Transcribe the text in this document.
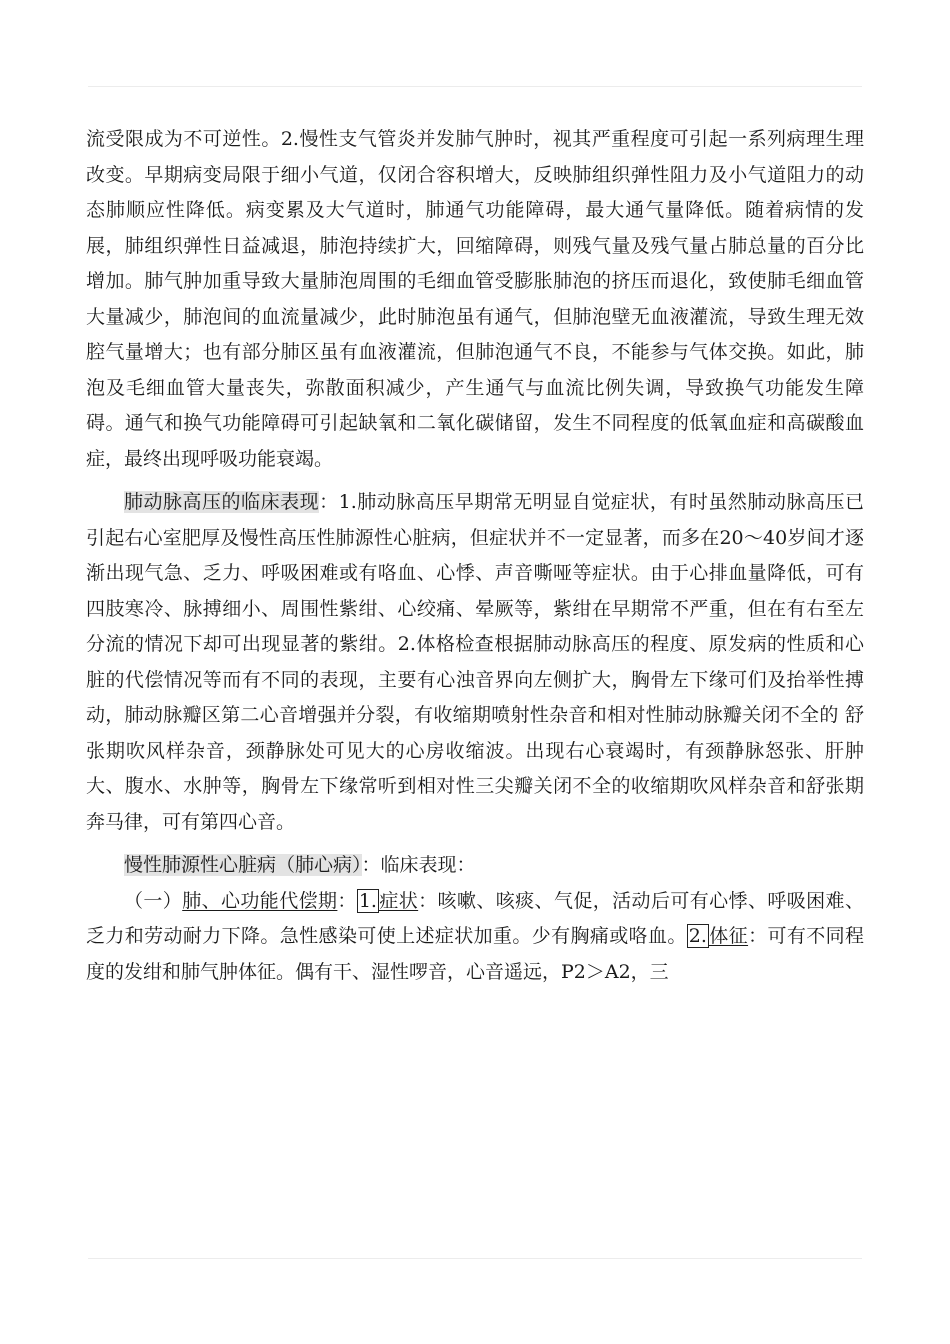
流受限成为不可逆性。2.慢性支气管炎并发肺气肿时，视其严重程度可引起一系列病理生理改变。早期病变局限于细小气道，仅闭合容积增大，反映肺组织弹性阻力及小气道阻力的动态肺顺应性降低。病变累及大气道时，肺通气功能障碍，最大通气量降低。随着病情的发展，肺组织弹性日益减退，肺泡持续扩大，回缩障碍，则残气量及残气量占肺总量的百分比增加。肺气肿加重导致大量肺泡周围的毛细血管受膨胀肺泡的挤压而退化，致使肺毛细血管大量减少，肺泡间的血流量减少，此时肺泡虽有通气，但肺泡壁无血液灌流，导致生理无效腔气量增大；也有部分肺区虽有血液灌流，但肺泡通气不良，不能参与气体交换。如此，肺泡及毛细血管大量丧失，弥散面积减少，产生通气与血流比例失调，导致换气功能发生障碍。通气和换气功能障碍可引起缺氧和二氧化碳储留，发生不同程度的低氧血症和高碳酸血症，最终出现呼吸功能衰竭。

肺动脉高压的临床表现：1.肺动脉高压早期常无明显自觉症状，有时虽然肺动脉高压已引起右心室肥厚及慢性高压性肺源性心脏病，但症状并不一定显著，而多在20～40岁间才逐渐出现气急、乏力、呼吸困难或有咯血、心悸、声音嘶哑等症状。由于心排血量降低，可有四肢寒冷、脉搏细小、周围性紫绀、心绞痛、晕厥等，紫绀在早期常不严重，但在有右至左分流的情况下却可出现显著的紫绀。2.体格检查根据肺动脉高压的程度、原发病的性质和心脏的代偿情况等而有不同的表现，主要有心浊音界向左侧扩大，胸骨左下缘可们及抬举性搏动，肺动脉瓣区第二心音增强并分裂，有收缩期喷射性杂音和相对性肺动脉瓣关闭不全的 舒张期吹风样杂音，颈静脉处可见大的心房收缩波。出现右心衰竭时，有颈静脉怒张、肝肿大、腹水、水肿等，胸骨左下缘常听到相对性三尖瓣关闭不全的收缩期吹风样杂音和舒张期奔马律，可有第四心音。

慢性肺源性心脏病（肺心病）：临床表现：

（一）肺、心功能代偿期： 1. 症状：咳嗽、咳痰、气促，活动后可有心悸、呼吸困难、乏力和劳动耐力下降。急性感染可使上述症状加重。少有胸痛或咯血。 2. 体征：可有不同程度的发绀和肺气肿体征。偶有干、湿性啰音，心音遥远，P2＞A2，三
